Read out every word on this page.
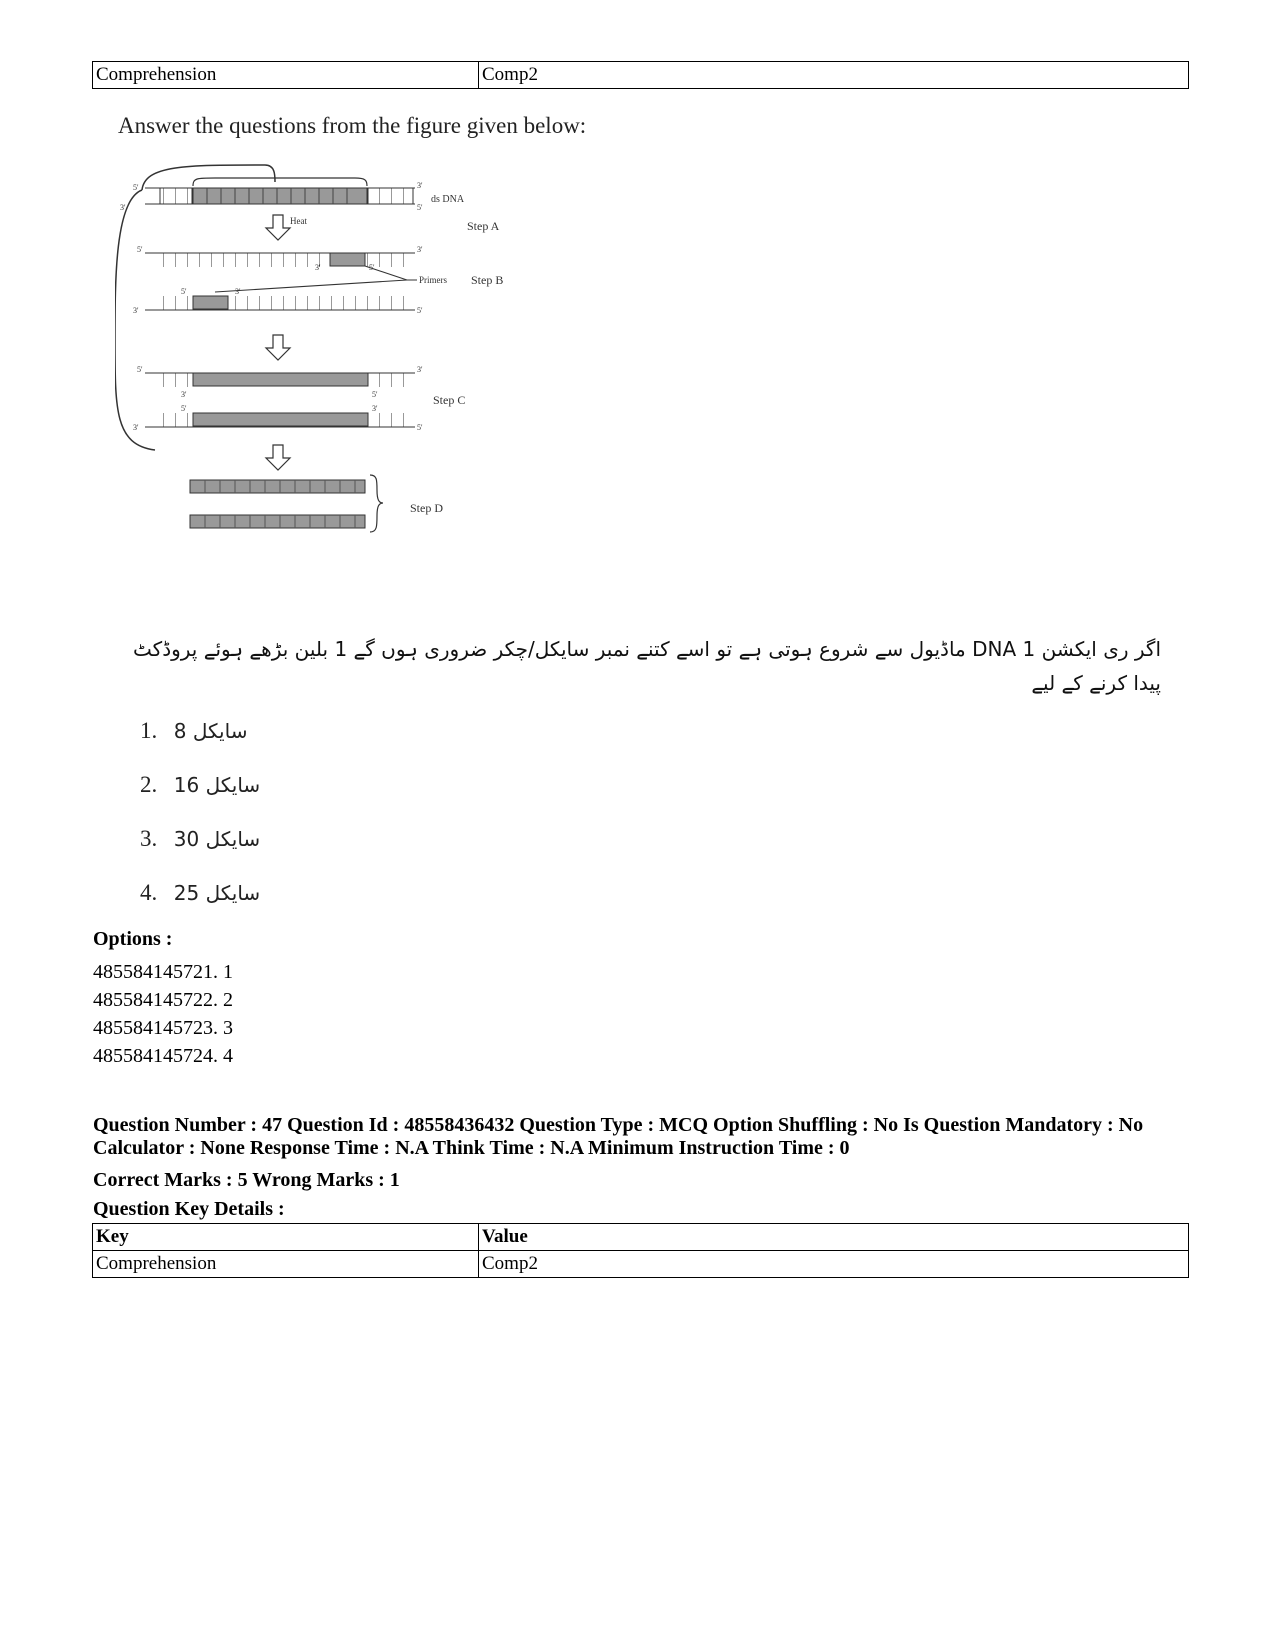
Comprehension	Comp2
Answer the questions from the figure given below:
5'
3'
3'
5'
ds DNA
Heat	Step A
5'	3'
3'	5'
Primers Step B
5'	3'
3'	5'
5'	3'
3'	5'	Step C
5'	3'
3'	5'
Step D
اگر ری ایکشن 1 DNA ماڈیول سے شروع ہوتی ہے تو اسے کتنے نمبر سایکل/چکر ضروری ہوں گے 1 بلین بڑھے ہوئے پروڈکٹ پیدا کرنے کے لیے
1. 8 سایکل
2. 16 سایکل
3. 30 سایکل
4. 25 سایکل
Options :
485584145721. 1
485584145722. 2
485584145723. 3
485584145724. 4
Question Number : 47 Question Id : 48558436432 Question Type : MCQ Option Shuffling : No Is Question Mandatory : No Calculator : None Response Time : N.A Think Time : N.A Minimum Instruction Time : 0
Correct Marks : 5 Wrong Marks : 1
Question Key Details :
Key	Value
Comprehension	Comp2
